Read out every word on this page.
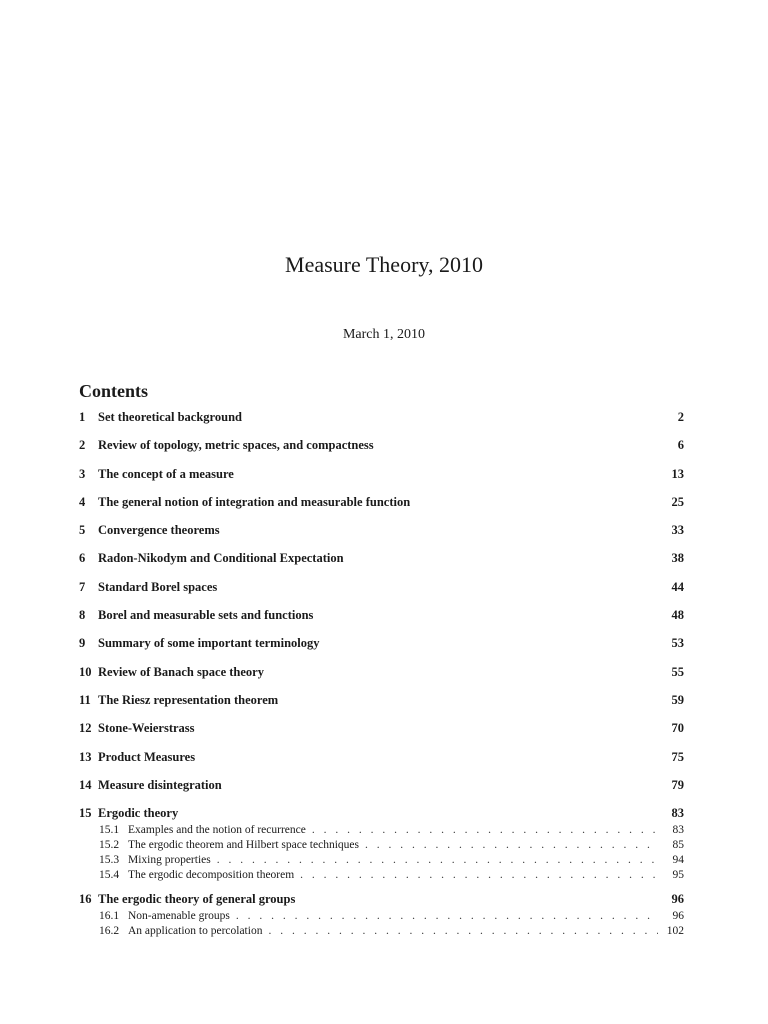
Measure Theory, 2010
March 1, 2010
Contents
1	Set theoretical background	2
2	Review of topology, metric spaces, and compactness	6
3	The concept of a measure	13
4	The general notion of integration and measurable function	25
5	Convergence theorems	33
6	Radon-Nikodym and Conditional Expectation	38
7	Standard Borel spaces	44
8	Borel and measurable sets and functions	48
9	Summary of some important terminology	53
10 Review of Banach space theory	55
11 The Riesz representation theorem	59
12 Stone-Weierstrass	70
13 Product Measures	75
14 Measure disintegration	79
15 Ergodic theory	83
15.1 Examples and the notion of recurrence . . .	83
15.2 The ergodic theorem and Hilbert space techniques . . .	85
15.3 Mixing properties . . .	94
15.4 The ergodic decomposition theorem . . .	95
16 The ergodic theory of general groups	96
16.1 Non-amenable groups . . .	96
16.2 An application to percolation . . .	102
